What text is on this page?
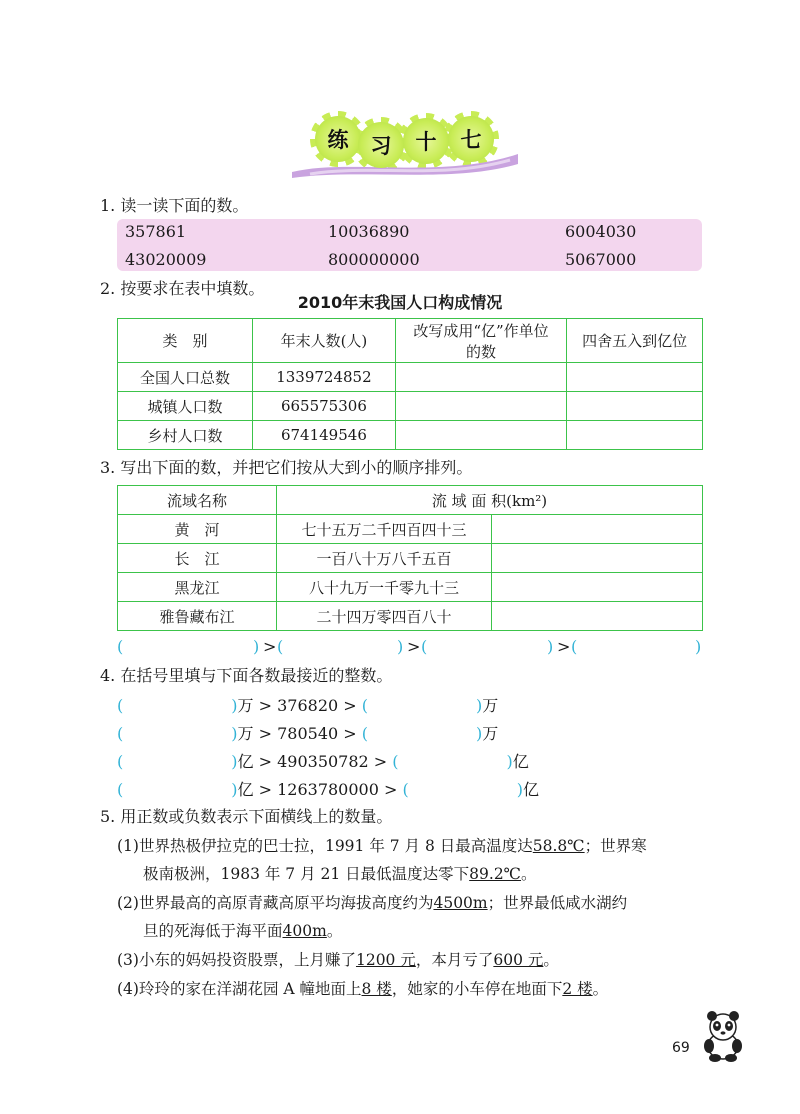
练	习	十	七
1. 读一读下面的数。
357861	10036890	6004030
43020009	800000000	5067000
2. 按要求在表中填数。
2010年末我国人口构成情况
类　别	年末人数(人)	改写成用“亿”作单位的数	四舍五入到亿位
全国人口总数	1339724852		
城镇人口数	665575306		
乡村人口数	674149546		
3. 写出下面的数，并把它们按从大到小的顺序排列。
流域名称	流 域 面 积(km²)	
黄　河	七十五万二千四百四十三	
长　江	一百八十万八千五百	
黑龙江	八十九万一千零九十三	
雅鲁藏布江	二十四万零四百八十	
(	) > (	) > (	) > (	)
4. 在括号里填与下面各数最接近的整数。
(	)万 > 376820 > (	)万
(	)万 > 780540 > (	)万
(	)亿 > 490350782 > (	)亿
(	)亿 > 1263780000 > (	)亿
5. 用正数或负数表示下面横线上的数量。
(1)世界热极伊拉克的巴士拉，1991 年 7 月 8 日最高温度达58.8℃；世界寒
极南极洲，1983 年 7 月 21 日最低温度达零下89.2℃。
(2)世界最高的高原青藏高原平均海拔高度约为4500m；世界最低咸水湖约
旦的死海低于海平面400m。
(3)小东的妈妈投资股票，上月赚了1200 元，本月亏了600 元。
(4)玲玲的家在洋湖花园 A 幢地面上8 楼，她家的小车停在地面下2 楼。
69
